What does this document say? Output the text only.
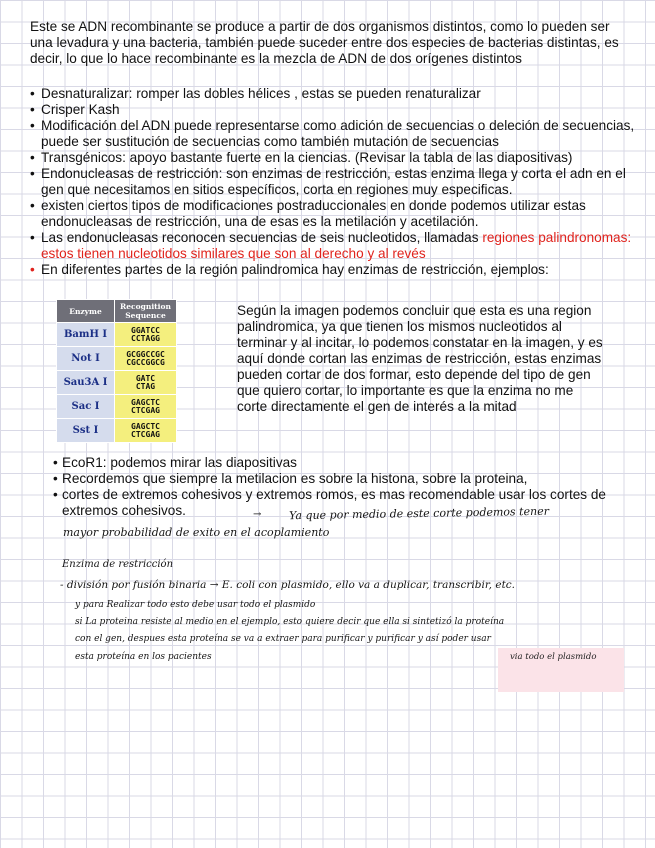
Este se ADN recombinante se produce a partir de dos organismos distintos, como lo pueden ser una levadura y una bacteria, también puede suceder entre dos especies de bacterias distintas, es decir, lo que lo hace recombinante es la mezcla de ADN de dos orígenes distintos

• Desnaturalizar: romper las dobles hélices , estas se pueden renaturalizar
• Crisper Kash
• Modificación del ADN puede representarse como adición de secuencias o deleción de secuencias, puede ser sustitución de secuencias como también mutación de secuencias
• Transgénicos: apoyo bastante fuerte en la ciencias. (Revisar la tabla de las diapositivas)
• Endonucleasas de restricción: son enzimas de restricción, estas enzima llega y corta el adn en el gen que necesitamos en sitios específicos, corta en regiones muy especificas.
• existen ciertos tipos de modificaciones postraduccionales en donde podemos utilizar estas endonucleasas de restricción, una de esas es la metilación y acetilación.
• Las endonucleasas reconocen secuencias de seis nucleotidos, llamadas regiones palindronomas: estos tienen nucleotidos similares que son al derecho y al revés
• En diferentes partes de la región palindromica hay enzimas de restricción, ejemplos:
Enzyme	Recognition Sequence
BamH I	GGATCC
CCTAGG

Not I	GCGGCCGC
CGCCGGCG

Sau3A I	GATC
CTAG

Sac I	GAGCTC
CTCGAG

Sst I	GAGCTC
CTCGAG

Según la imagen podemos concluir que esta es una region palindromica, ya que tienen los mismos nucleotidos al terminar y al incitar, lo podemos constatar en la imagen, y es aquí donde cortan las enzimas de restricción, estas enzimas pueden cortar de dos formar, esto depende del tipo de gen que quiero cortar, lo importante es que la enzima no me corte directamente el gen de interés a la mitad

• EcoR1: podemos mirar las diapositivas
• Recordemos que siempre la metilacion es sobre la histona, sobre la proteina,
• cortes de extremos cohesivos y extremos romos, es mas recomendable usar los cortes de extremos cohesivos.	→	Ya que por medio de este corte podemos tener
mayor probabilidad de exito en el acoplamiento
Enzima de restricción
- división por fusión binaria → E. coli con plasmido, ello va a duplicar, transcribir, etc.
y para Realizar todo esto debe usar todo el plasmido
si La proteina resiste al medio en el ejemplo, esto quiere decir que ella si sintetizó la proteína
con el gen, despues esta proteína se va a extraer para purificar y purificar y así poder usar
esta proteína en los pacientes	via todo el plasmido
